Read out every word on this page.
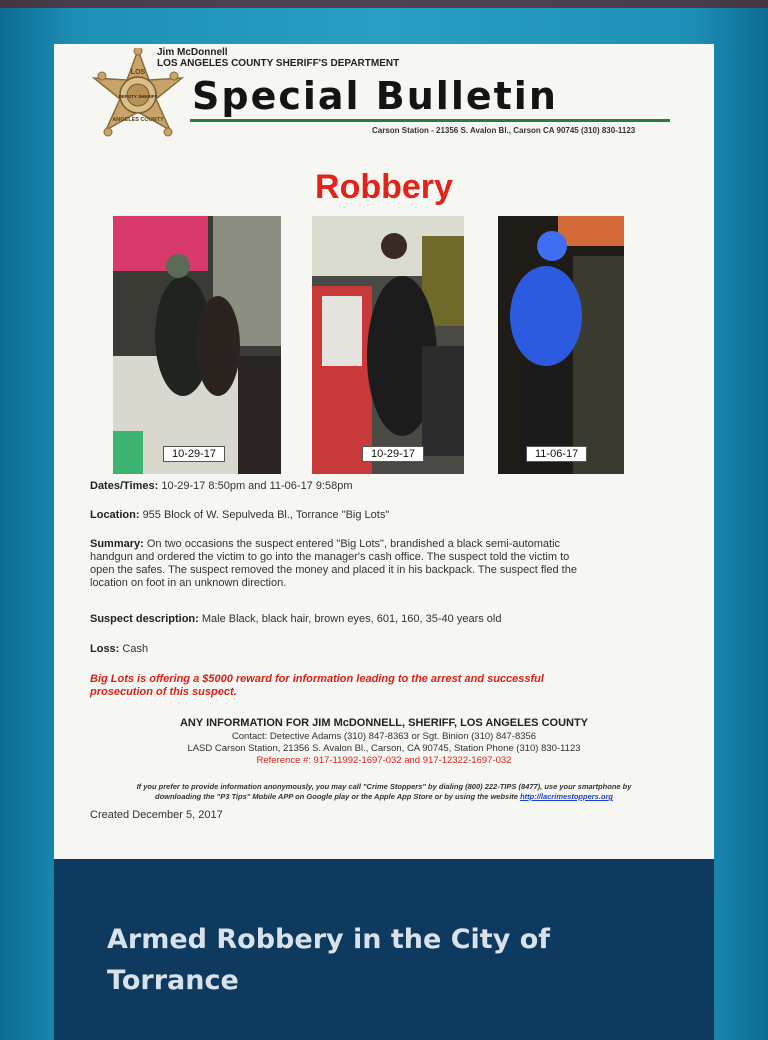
LOS
DEPUTY SHERIFF
ANGELES COUNTY
Jim McDonnell
LOS ANGELES COUNTY SHERIFF'S DEPARTMENT
Special Bulletin
Carson Station - 21356 S. Avalon Bl., Carson CA 90745 (310) 830-1123
Robbery
10-29-17	10-29-17	11-06-17
Dates/Times: 10-29-17 8:50pm and 11-06-17 9:58pm
Location: 955 Block of W. Sepulveda Bl., Torrance "Big Lots"
Summary: On two occasions the suspect entered "Big Lots", brandished a black semi-automatic
handgun and ordered the victim to go into the manager's cash office. The suspect told the victim to
open the safes. The suspect removed the money and placed it in his backpack. The suspect fled the
location on foot in an unknown direction.
Suspect description: Male Black, black hair, brown eyes, 601, 160, 35-40 years old
Loss: Cash
Big Lots is offering a $5000 reward for information leading to the arrest and successful
prosecution of this suspect.
ANY INFORMATION FOR JIM McDONNELL, SHERIFF, LOS ANGELES COUNTY
Contact: Detective Adams (310) 847-8363 or Sgt. Binion (310) 847-8356
LASD Carson Station, 21356 S. Avalon Bl., Carson, CA 90745, Station Phone (310) 830-1123
Reference #: 917-11992-1697-032 and 917-12322-1697-032
If you prefer to provide information anonymously, you may call "Crime Stoppers" by dialing (800) 222-TIPS (8477), use your smartphone by
downloading the "P3 Tips" Mobile APP on Google play or the Apple App Store or by using the website http://lacrimestoppers.org
Created December 5, 2017
Armed Robbery in the City of Torrance
